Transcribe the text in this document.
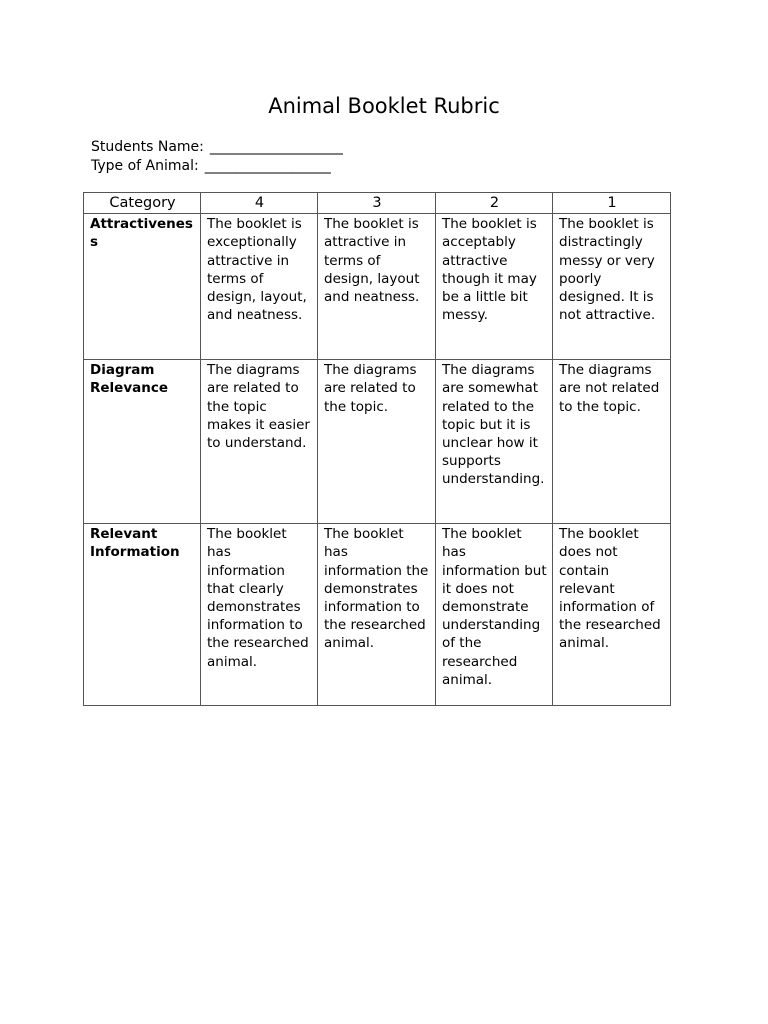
Animal Booklet Rubric
Students Name: ___________________
Type of Animal: __________________
Category	4	3	2	1
Attractiveness	The booklet is exceptionally attractive in terms of design, layout, and neatness.	The booklet is attractive in terms of design, layout and neatness.	The booklet is acceptably attractive though it may be a little bit messy.	The booklet is distractingly messy or very poorly designed. It is not attractive.
Diagram Relevance	The diagrams are related to the topic makes it easier to understand.	The diagrams are related to the topic.	The diagrams are somewhat related to the topic but it is unclear how it supports understanding.	The diagrams are not related to the topic.
Relevant Information	The booklet has information that clearly demonstrates information to the researched animal.	The booklet has information the demonstrates information to the researched animal.	The booklet has information but it does not demonstrate understanding of the researched animal.	The booklet does not contain relevant information of the researched animal.
